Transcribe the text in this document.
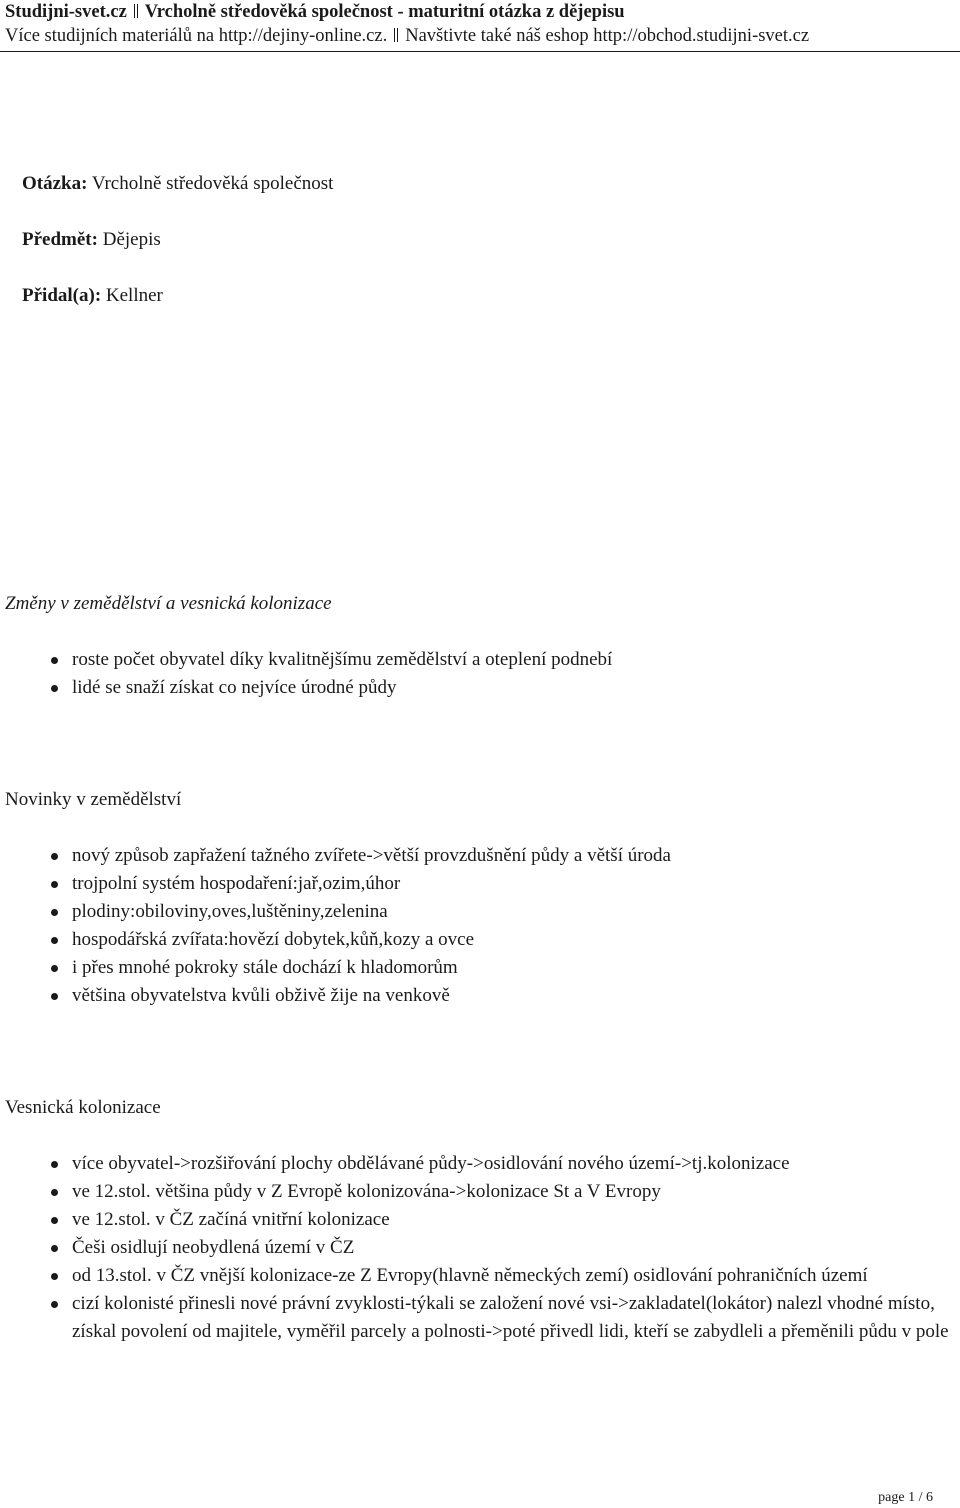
Studijni-svet.cz Vrcholně středověká společnost - maturitní otázka z dějepisu
Více studijních materiálů na http://dejiny-online.cz. Navštivte také náš eshop http://obchod.studijni-svet.cz
Otázka: Vrcholně středověká společnost
Předmět: Dějepis
Přidal(a): Kellner
Změny v zemědělství a vesnická kolonizace
roste počet obyvatel díky kvalitnějšímu zemědělství a oteplení podnebí
lidé se snaží získat co nejvíce úrodné půdy
Novinky v zemědělství
nový způsob zapřažení tažného zvířete->větší provzdušnění půdy a větší úroda
trojpolní systém hospodaření:jař,ozim,úhor
plodiny:obiloviny,oves,luštěniny,zelenina
hospodářská zvířata:hovězí dobytek,kůň,kozy a ovce
i přes mnohé pokroky stále dochází k hladomorům
většina obyvatelstva kvůli obživě žije na venkově
Vesnická kolonizace
více obyvatel->rozšiřování plochy obdělávané půdy->osidlování nového území->tj.kolonizace
ve 12.stol. většina půdy v Z Evropě kolonizována->kolonizace St a V Evropy
ve 12.stol. v ČZ začíná vnitřní kolonizace
Češi osidlují neobydlená území v ČZ
od 13.stol. v ČZ vnější kolonizace-ze Z Evropy(hlavně německých zemí) osidlování pohraničních území
cizí kolonisté přinesli nové právní zvyklosti-týkali se založení nové vsi->zakladatel(lokátor) nalezl vhodné místo, získal povolení od majitele, vyměřil parcely a polnosti->poté přivedl lidi, kteří se zabydleli a přeměnili půdu v pole
page 1 / 6
